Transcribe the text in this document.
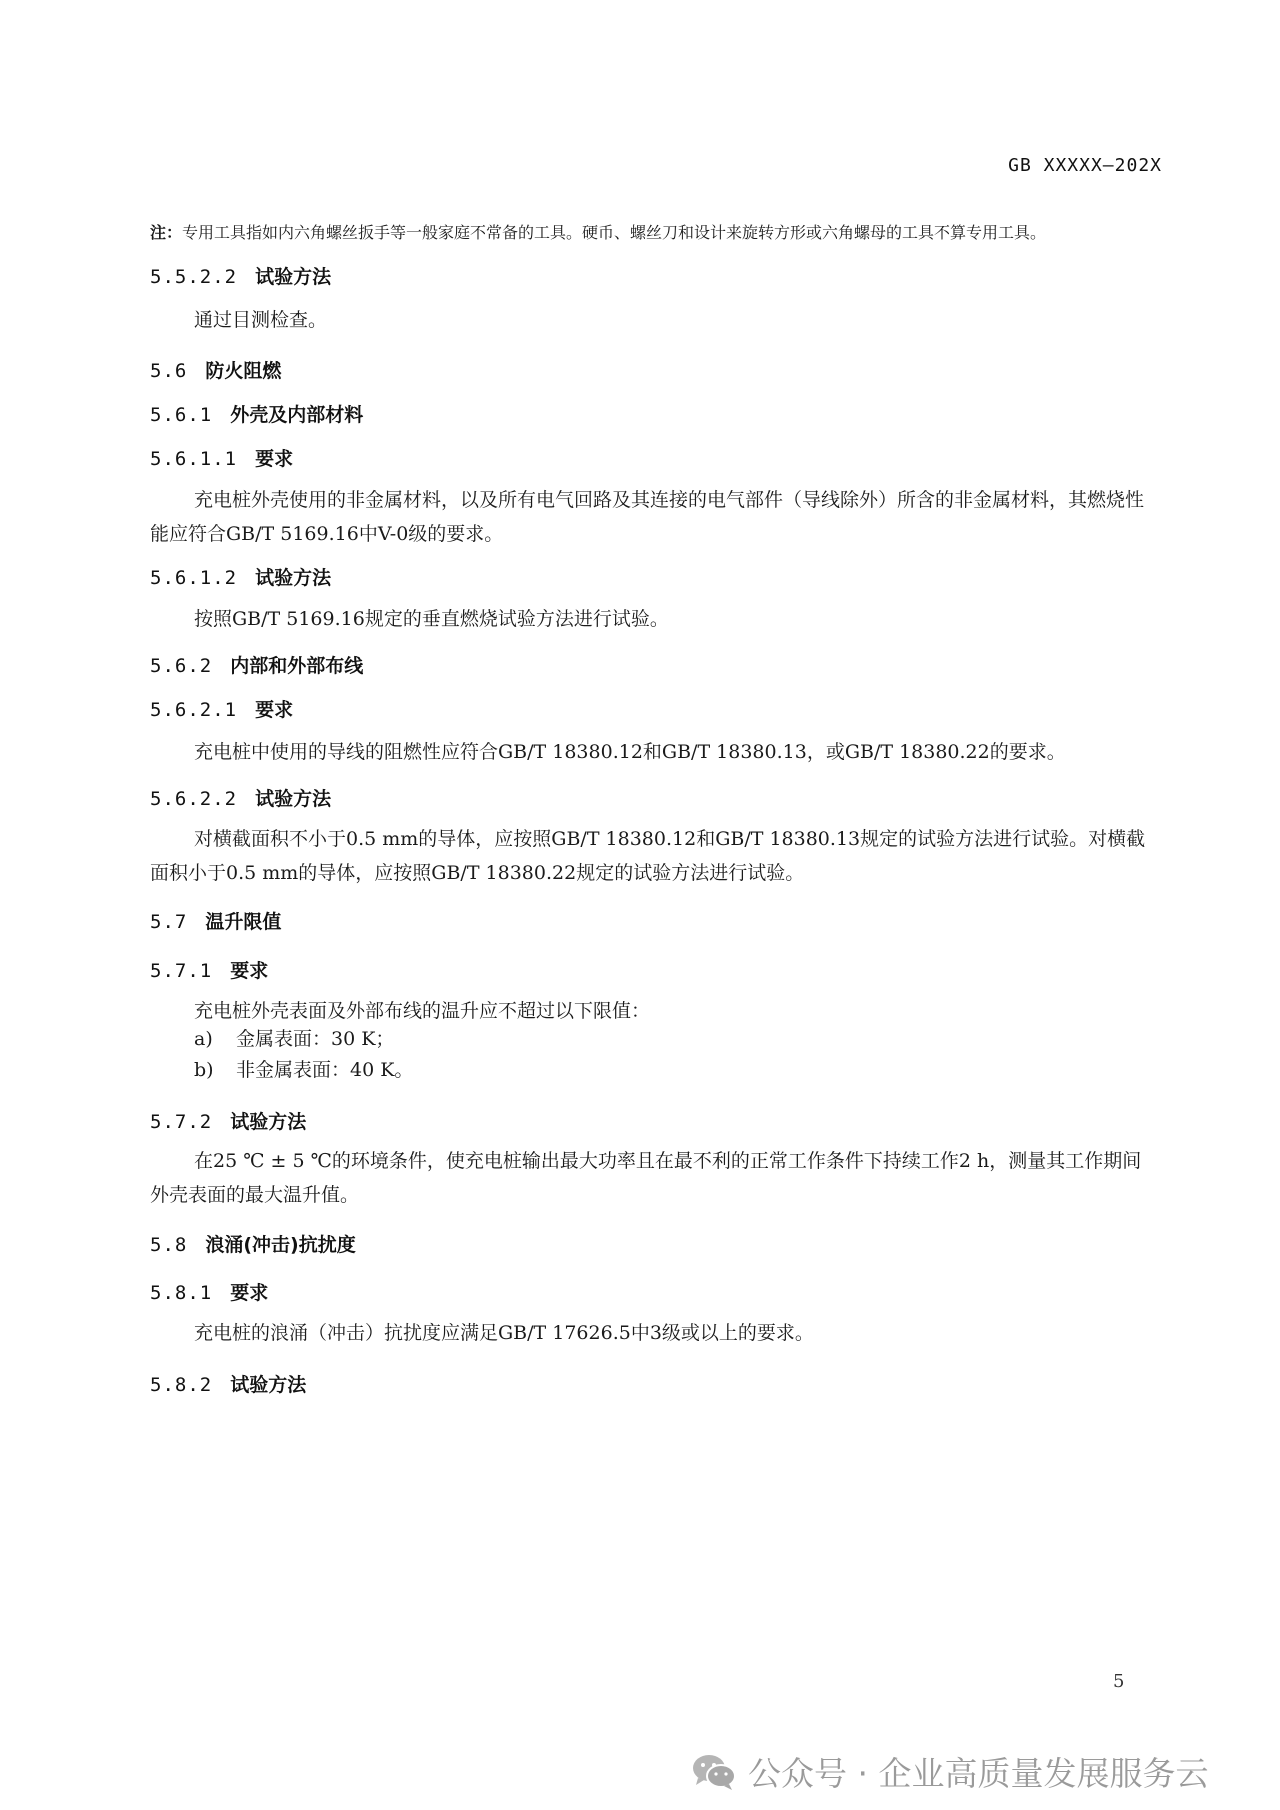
GB XXXXX—202X
注：专用工具指如内六角螺丝扳手等一般家庭不常备的工具。硬币、螺丝刀和设计来旋转方形或六角螺母的工具不算专用工具。
5.5.2.2 试验方法
通过目测检查。
5.6 防火阻燃
5.6.1 外壳及内部材料
5.6.1.1 要求
充电桩外壳使用的非金属材料，以及所有电气回路及其连接的电气部件（导线除外）所含的非金属材料，其燃烧性能应符合GB/T 5169.16中V-0级的要求。
5.6.1.2 试验方法
按照GB/T 5169.16规定的垂直燃烧试验方法进行试验。
5.6.2 内部和外部布线
5.6.2.1 要求
充电桩中使用的导线的阻燃性应符合GB/T 18380.12和GB/T 18380.13，或GB/T 18380.22的要求。
5.6.2.2 试验方法
对横截面积不小于0.5 mm的导体，应按照GB/T 18380.12和GB/T 18380.13规定的试验方法进行试验。对横截面积小于0.5 mm的导体，应按照GB/T 18380.22规定的试验方法进行试验。
5.7 温升限值
5.7.1 要求
充电桩外壳表面及外部布线的温升应不超过以下限值：
a) 金属表面：30 K；
b) 非金属表面：40 K。
5.7.2 试验方法
在25 ℃ ± 5 ℃的环境条件，使充电桩输出最大功率且在最不利的正常工作条件下持续工作2 h，测量其工作期间外壳表面的最大温升值。
5.8 浪涌(冲击)抗扰度
5.8.1 要求
充电桩的浪涌（冲击）抗扰度应满足GB/T 17626.5中3级或以上的要求。
5.8.2 试验方法
5
公众号 · 企业高质量发展服务云
